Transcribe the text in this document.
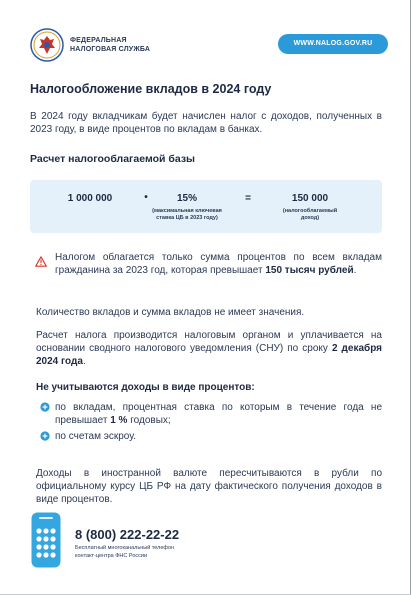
ФЕДЕРАЛЬНАЯ
НАЛОГОВАЯ СЛУЖБА
WWW.NALOG.GOV.RU
Налогообложение вкладов в 2024 году
В 2024 году вкладчикам будет начислен налог с доходов, полученных в 2023 году, в виде процентов по вкладам в банках.
Расчет налогооблагаемой базы
1 000 000	•	15%
(максимальная ключевая
ставка ЦБ в 2023 году)
=	150 000
(налогооблагаемый
доход)
Налогом облагается только сумма процентов по всем вкладам гражданина за 2023 год, которая превышает 150 тысяч рублей.
Количество вкладов и сумма вкладов не имеет значения.
Расчет налога производится налоговым органом и уплачивается на основании сводного налогового уведомления (СНУ) по сроку 2 декабря 2024 года.
Не учитываются доходы в виде процентов:
по вкладам, процентная ставка по которым в течение года не превышает 1 % годовых;
по счетам эскроу.
Доходы в иностранной валюте пересчитываются в рубли по официальному курсу ЦБ РФ на дату фактического получения доходов в виде процентов.
8 (800) 222-22-22
Бесплатный многоканальный телефон
контакт-центра ФНС России
